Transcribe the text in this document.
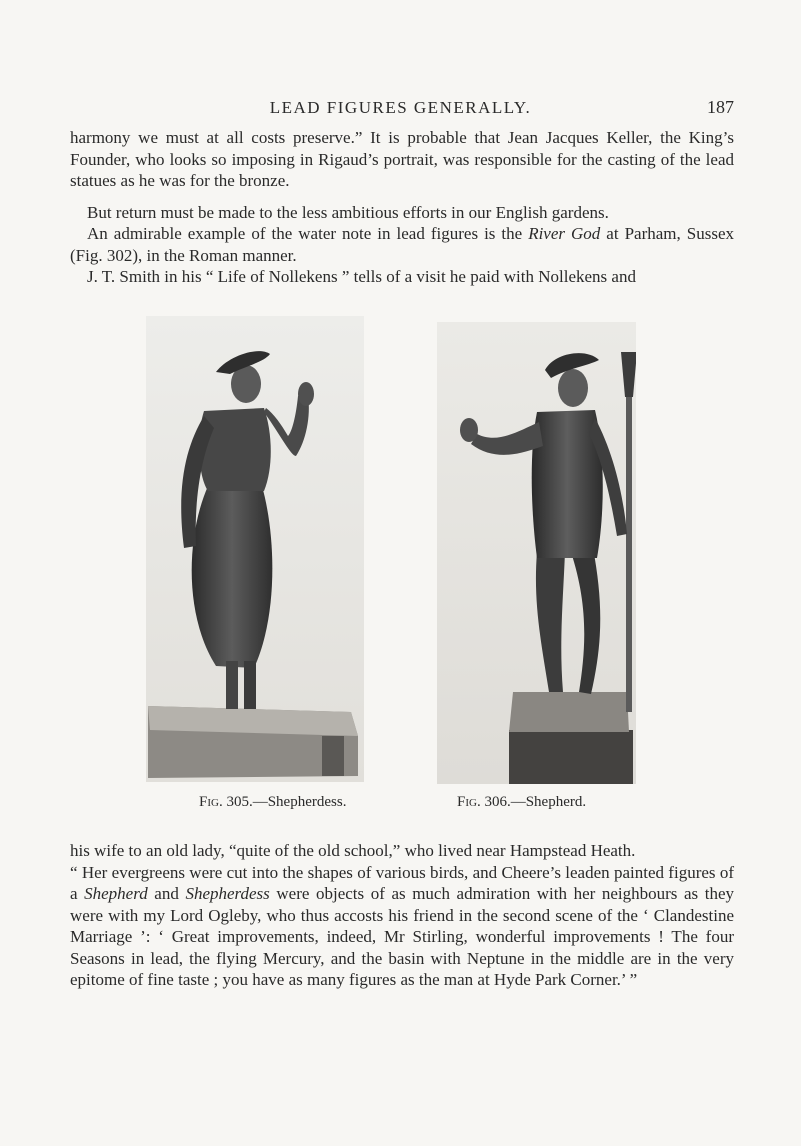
LEAD FIGURES GENERALLY.	187

harmony we must at all costs preserve.” It is probable that Jean Jacques Keller, the King’s Founder, who looks so imposing in Rigaud’s portrait, was responsible for the casting of the lead statues as he was for the bronze.

But return must be made to the less ambitious efforts in our English gardens.

An admirable example of the water note in lead figures is the River God at Parham, Sussex (Fig. 302), in the Roman manner.

J. T. Smith in his “ Life of Nollekens ” tells of a visit he paid with Nollekens and

Fig. 305.—Shepherdess.	Fig. 306.—Shepherd.

his wife to an old lady, “quite of the old school,” who lived near Hampstead Heath.

“ Her evergreens were cut into the shapes of various birds, and Cheere’s leaden painted figures of a Shepherd and Shepherdess were objects of as much admiration with her neighbours as they were with my Lord Ogleby, who thus accosts his friend in the second scene of the ‘ Clandestine Marriage ’: ‘ Great improvements, indeed, Mr Stirling, wonderful improvements ! The four Seasons in lead, the flying Mercury, and the basin with Neptune in the middle are in the very epitome of fine taste ; you have as many figures as the man at Hyde Park Corner.’ ”
